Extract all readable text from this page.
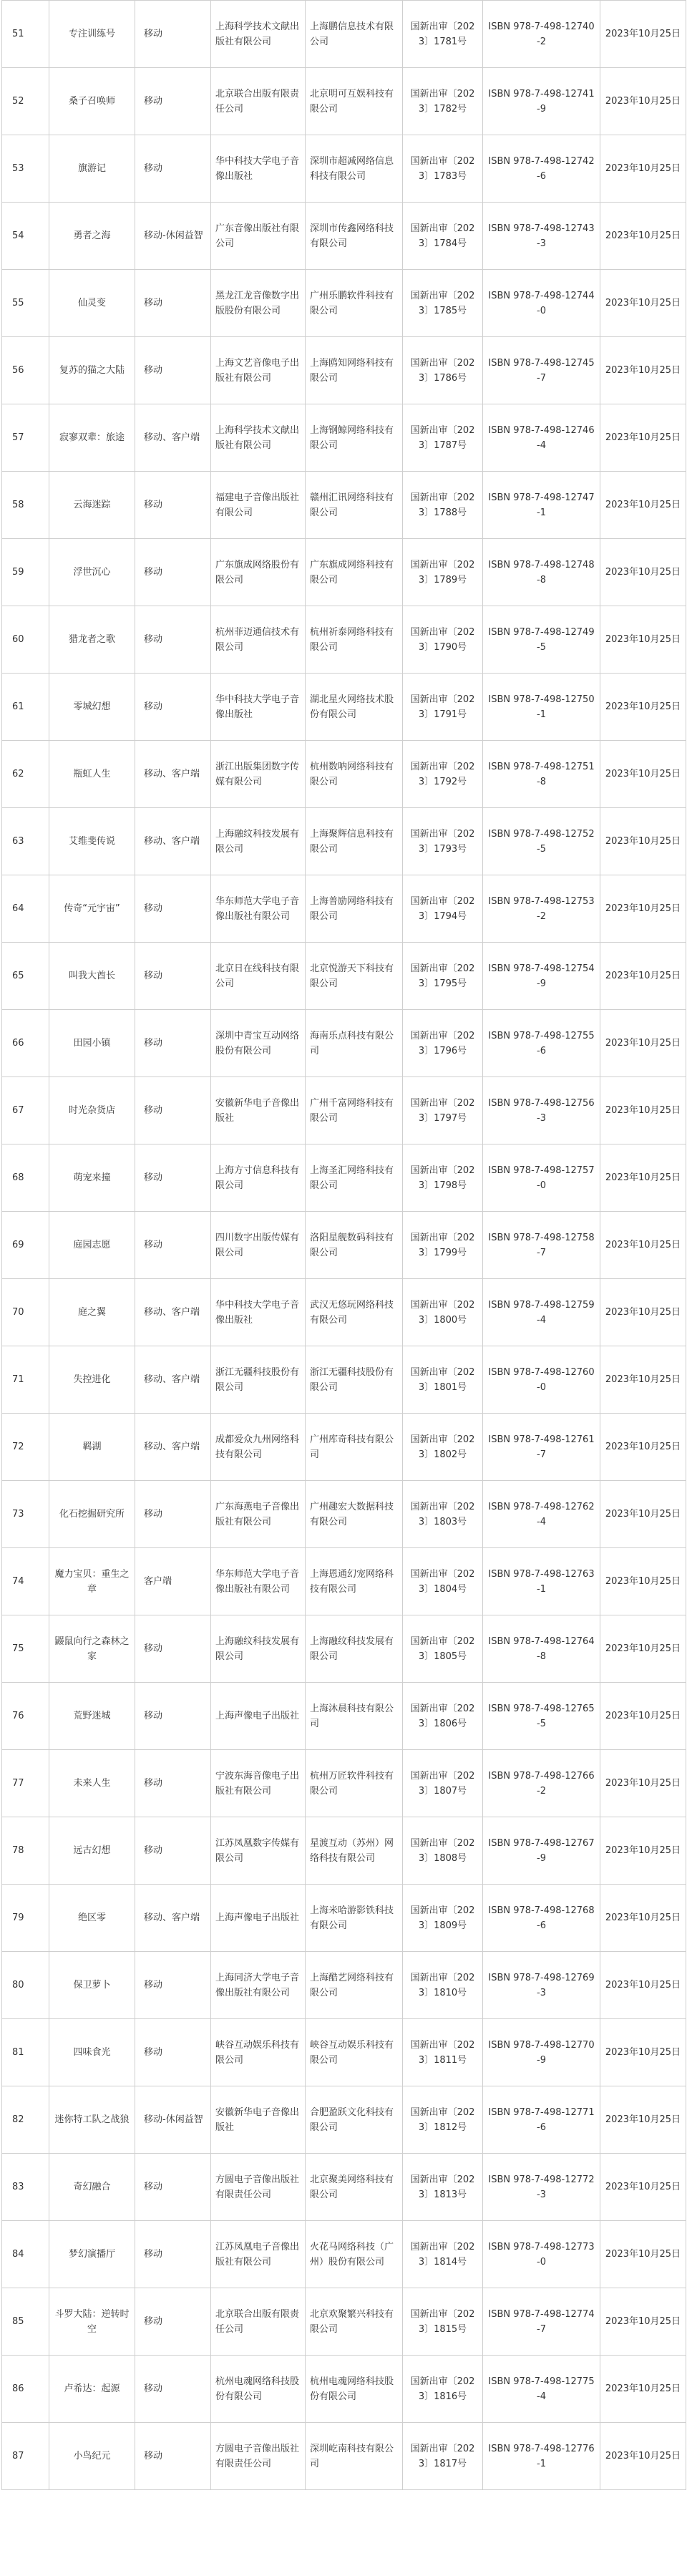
51	专注训练号	移动	上海科学技术文献出版社有限公司	上海鹏信息技术有限公司	国新出审〔2023〕1781号	ISBN 978-7-498-12740-2	2023年10月25日
52	桑子召唤师	移动	北京联合出版有限责任公司	北京明可互娱科技有限公司	国新出审〔2023〕1782号	ISBN 978-7-498-12741-9	2023年10月25日
53	旗游记	移动	华中科技大学电子音像出版社	深圳市超减网络信息科技有限公司	国新出审〔2023〕1783号	ISBN 978-7-498-12742-6	2023年10月25日
54	勇者之海	移动-休闲益智	广东音像出版社有限公司	深圳市传鑫网络科技有限公司	国新出审〔2023〕1784号	ISBN 978-7-498-12743-3	2023年10月25日
55	仙灵变	移动	黑龙江龙音像数字出版股份有限公司	广州乐鹏软件科技有限公司	国新出审〔2023〕1785号	ISBN 978-7-498-12744-0	2023年10月25日
56	复苏的猫之大陆	移动	上海文艺音像电子出版社有限公司	上海鸥知网络科技有限公司	国新出审〔2023〕1786号	ISBN 978-7-498-12745-7	2023年10月25日
57	寂寥双辈：旅途	移动、客户端	上海科学技术文献出版社有限公司	上海钢鲸网络科技有限公司	国新出审〔2023〕1787号	ISBN 978-7-498-12746-4	2023年10月25日
58	云海迷踪	移动	福建电子音像出版社有限公司	赣州汇讯网络科技有限公司	国新出审〔2023〕1788号	ISBN 978-7-498-12747-1	2023年10月25日
59	浮世沉心	移动	广东旗成网络股份有限公司	广东旗成网络科技有限公司	国新出审〔2023〕1789号	ISBN 978-7-498-12748-8	2023年10月25日
60	猎龙者之歌	移动	杭州菲迈通信技术有限公司	杭州祈泰网络科技有限公司	国新出审〔2023〕1790号	ISBN 978-7-498-12749-5	2023年10月25日
61	零城幻想	移动	华中科技大学电子音像出版社	湖北星火网络技术股份有限公司	国新出审〔2023〕1791号	ISBN 978-7-498-12750-1	2023年10月25日
62	瓶虹人生	移动、客户端	浙江出版集团数字传媒有限公司	杭州数呐网络科技有限公司	国新出审〔2023〕1792号	ISBN 978-7-498-12751-8	2023年10月25日
63	艾维斐传说	移动、客户端	上海融纹科技发展有限公司	上海聚辉信息科技有限公司	国新出审〔2023〕1793号	ISBN 978-7-498-12752-5	2023年10月25日
64	传奇“元宇宙”	移动	华东师范大学电子音像出版社有限公司	上海普励网络科技有限公司	国新出审〔2023〕1794号	ISBN 978-7-498-12753-2	2023年10月25日
65	叫我大酋长	移动	北京日在线科技有限公司	北京悦游天下科技有限公司	国新出审〔2023〕1795号	ISBN 978-7-498-12754-9	2023年10月25日
66	田园小镇	移动	深圳中青宝互动网络股份有限公司	海南乐点科技有限公司	国新出审〔2023〕1796号	ISBN 978-7-498-12755-6	2023年10月25日
67	时光杂货店	移动	安徽新华电子音像出版社	广州千富网络科技有限公司	国新出审〔2023〕1797号	ISBN 978-7-498-12756-3	2023年10月25日
68	萌宠来撞	移动	上海方寸信息科技有限公司	上海圣汇网络科技有限公司	国新出审〔2023〕1798号	ISBN 978-7-498-12757-0	2023年10月25日
69	庭园志愿	移动	四川数字出版传媒有限公司	洛阳星舰数码科技有限公司	国新出审〔2023〕1799号	ISBN 978-7-498-12758-7	2023年10月25日
70	庭之翼	移动、客户端	华中科技大学电子音像出版社	武汉无悠玩网络科技有限公司	国新出审〔2023〕1800号	ISBN 978-7-498-12759-4	2023年10月25日
71	失控进化	移动、客户端	浙江无疆科技股份有限公司	浙江无疆科技股份有限公司	国新出审〔2023〕1801号	ISBN 978-7-498-12760-0	2023年10月25日
72	羁湖	移动、客户端	成都爱众九州网络科技有限公司	广州库奇科技有限公司	国新出审〔2023〕1802号	ISBN 978-7-498-12761-7	2023年10月25日
73	化石挖掘研究所	移动	广东海燕电子音像出版社有限公司	广州趣宏大数据科技有限公司	国新出审〔2023〕1803号	ISBN 978-7-498-12762-4	2023年10月25日
74	魔力宝贝：重生之章	客户端	华东师范大学电子音像出版社有限公司	上海恩通幻宠网络科技有限公司	国新出审〔2023〕1804号	ISBN 978-7-498-12763-1	2023年10月25日
75	鼹鼠向行之森林之家	移动	上海融纹科技发展有限公司	上海融纹科技发展有限公司	国新出审〔2023〕1805号	ISBN 978-7-498-12764-8	2023年10月25日
76	荒野迷城	移动	上海声像电子出版社	上海沐晨科技有限公司	国新出审〔2023〕1806号	ISBN 978-7-498-12765-5	2023年10月25日
77	未来人生	移动	宁波东海音像电子出版社有限公司	杭州万匠软件科技有限公司	国新出审〔2023〕1807号	ISBN 978-7-498-12766-2	2023年10月25日
78	远古幻想	移动	江苏凤凰数字传媒有限公司	星渡互动（苏州）网络科技有限公司	国新出审〔2023〕1808号	ISBN 978-7-498-12767-9	2023年10月25日
79	绝区零	移动、客户端	上海声像电子出版社	上海米哈游影铁科技有限公司	国新出审〔2023〕1809号	ISBN 978-7-498-12768-6	2023年10月25日
80	保卫萝卜	移动	上海同济大学电子音像出版社有限公司	上海酷艺网络科技有限公司	国新出审〔2023〕1810号	ISBN 978-7-498-12769-3	2023年10月25日
81	四味食光	移动	峡谷互动娱乐科技有限公司	峡谷互动娱乐科技有限公司	国新出审〔2023〕1811号	ISBN 978-7-498-12770-9	2023年10月25日
82	迷你特工队之战狼	移动-休闲益智	安徽新华电子音像出版社	合肥盈跃文化科技有限公司	国新出审〔2023〕1812号	ISBN 978-7-498-12771-6	2023年10月25日
83	奇幻融合	移动	方圆电子音像出版社有限责任公司	北京聚美网络科技有限公司	国新出审〔2023〕1813号	ISBN 978-7-498-12772-3	2023年10月25日
84	梦幻演播厅	移动	江苏凤凰电子音像出版社有限公司	火花马网络科技（广州）股份有限公司	国新出审〔2023〕1814号	ISBN 978-7-498-12773-0	2023年10月25日
85	斗罗大陆：逆转时空	移动	北京联合出版有限责任公司	北京欢聚繁兴科技有限公司	国新出审〔2023〕1815号	ISBN 978-7-498-12774-7	2023年10月25日
86	卢希达：起源	移动	杭州电魂网络科技股份有限公司	杭州电魂网络科技股份有限公司	国新出审〔2023〕1816号	ISBN 978-7-498-12775-4	2023年10月25日
87	小鸟纪元	移动	方圆电子音像出版社有限责任公司	深圳屹南科技有限公司	国新出审〔2023〕1817号	ISBN 978-7-498-12776-1	2023年10月25日
